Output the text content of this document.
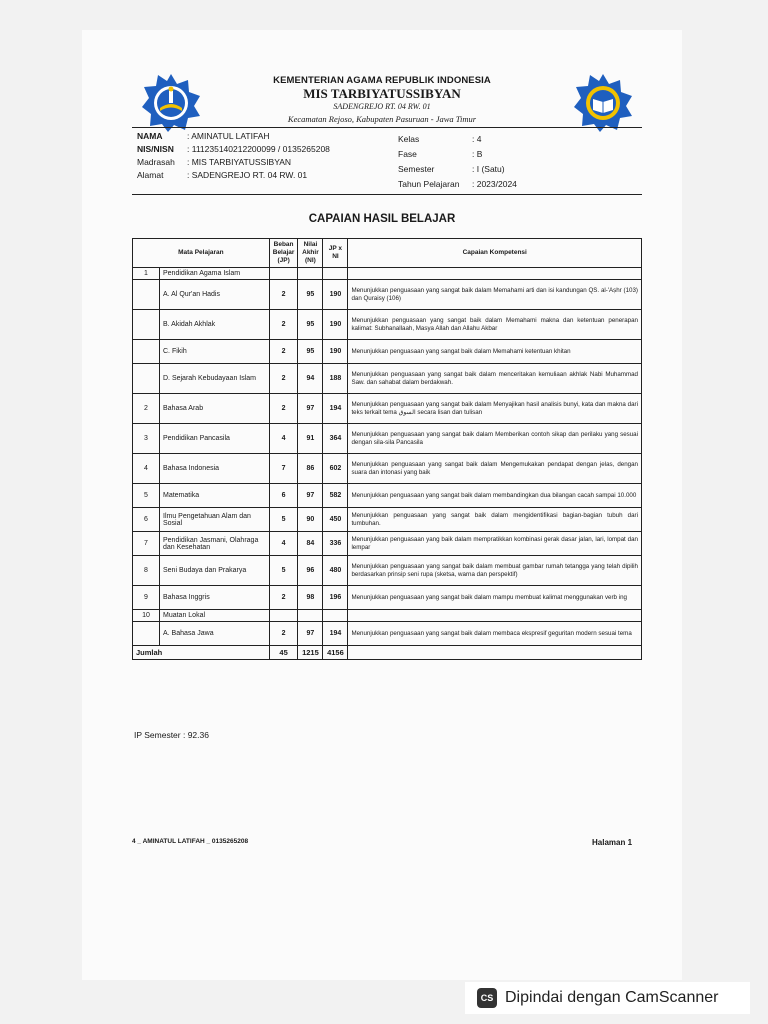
KEMENTERIAN AGAMA REPUBLIK INDONESIA
MIS TARBIYATUSSIBYAN
SADENGREJO RT. 04 RW. 01
Kecamatan Rejoso, Kabupaten Pasuruan - Jawa Timur
NAMA	: AMINATUL LATIFAH
NIS/NISN : 111235140212200099 / 0135265208
Madrasah : MIS TARBIYATUSSIBYAN
Alamat	: SADENGREJO RT. 04 RW. 01
Kelas	: 4
Fase	: B
Semester	: I (Satu)
Tahun Pelajaran : 2023/2024
CAPAIAN HASIL BELAJAR
Mata Pelajaran		Beban Belajar (JP)	Nilai Akhir (NI)	JP x NI	Capaian Kompetensi
1	Pendidikan Agama Islam				
	A. Al Qur'an Hadis	2	95	190	Menunjukkan penguasaan yang sangat baik dalam Memahami arti dan isi kandungan QS. al-'Aṣhr (103) dan Quraisy (106)
	B. Akidah Akhlak	2	95	190	Menunjukkan penguasaan yang sangat baik dalam Memahami makna dan ketentuan penerapan kalimat: Subhanallaah, Masya Allah dan Allahu Akbar
	C. Fikih	2	95	190	Menunjukkan penguasaan yang sangat baik dalam Memahami ketentuan khitan
	D. Sejarah Kebudayaan Islam	2	94	188	Menunjukkan penguasaan yang sangat baik dalam menceritakan kemuliaan akhlak Nabi Muhammad Saw. dan sahabat dalam berdakwah.
2	Bahasa Arab	2	97	194	Menunjukkan penguasaan yang sangat baik dalam Menyajikan hasil analisis bunyi, kata dan makna dari teks terkait tema السوق secara lisan dan tulisan
3	Pendidikan Pancasila	4	91	364	Menunjukkan penguasaan yang sangat baik dalam Memberikan contoh sikap dan perilaku yang sesuai dengan sila-sila Pancasila
4	Bahasa Indonesia	7	86	602	Menunjukkan penguasaan yang sangat baik dalam Mengemukakan pendapat dengan jelas, dengan suara dan intonasi yang baik
5	Matematika	6	97	582	Menunjukkan penguasaan yang sangat baik dalam membandingkan dua bilangan cacah sampai 10.000
6	Ilmu Pengetahuan Alam dan Sosial	5	90	450	Menunjukkan penguasaan yang sangat baik dalam mengidentifikasi bagian-bagian tubuh dari tumbuhan.
7	Pendidikan Jasmani, Olahraga dan Kesehatan	4	84	336	Menunjukkan penguasaan yang baik dalam mempratikkan kombinasi gerak dasar jalan, lari, lompat dan lempar
8	Seni Budaya dan Prakarya	5	96	480	Menunjukkan penguasaan yang sangat baik dalam membuat gambar rumah tetangga yang telah dipilih berdasarkan prinsip seni rupa (sketsa, warna dan perspektif)
9	Bahasa Inggris	2	98	196	Menunjukkan penguasaan yang sangat baik dalam mampu membuat kalimat menggunakan verb ing
10	Muatan Lokal				
	A. Bahasa Jawa	2	97	194	Menunjukkan penguasaan yang sangat baik dalam membaca ekspresif geguritan modern sesuai tema
Jumlah		45	1215	4156	
IP Semester : 92.36
4 _ AMINATUL LATIFAH _ 0135265208	Halaman 1
CS Dipindai dengan CamScanner
